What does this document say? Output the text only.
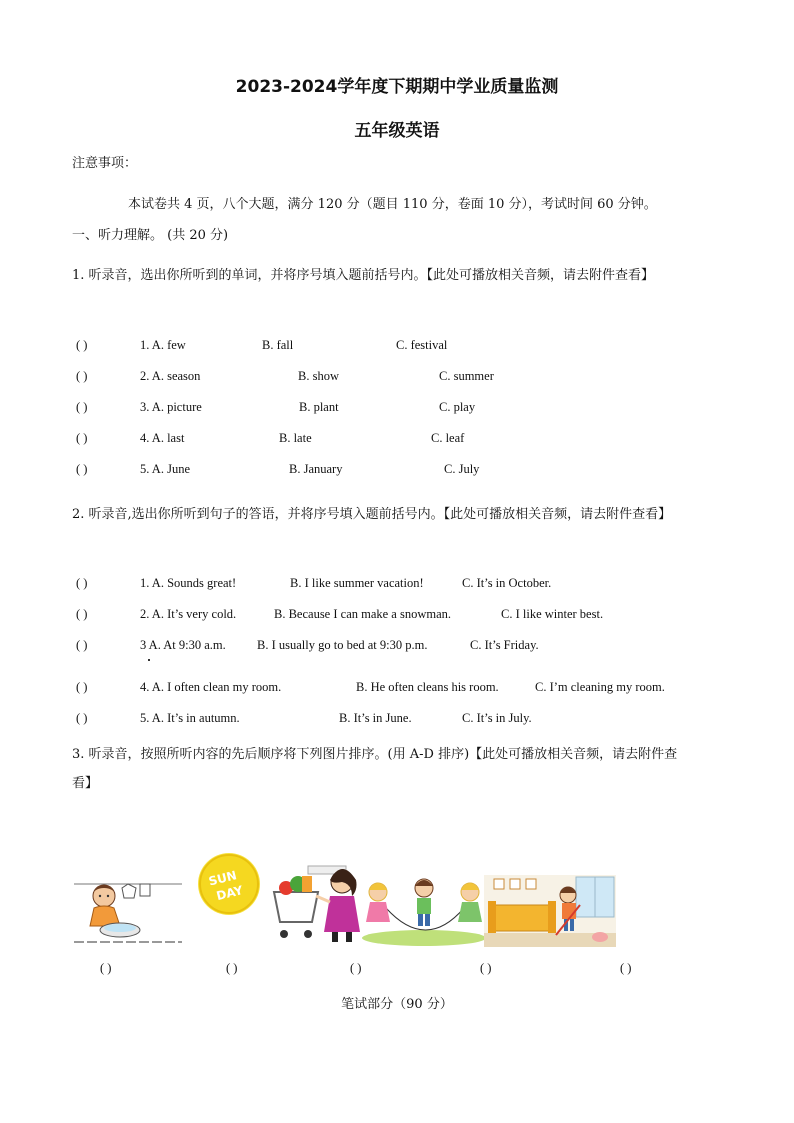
2023-2024学年度下期期中学业质量监测
五年级英语
注意事项：
本试卷共 4 页，八个大题，满分 120 分（题目 110 分，卷面 10 分），考试时间 60 分钟。
一、听力理解。 (共 20 分)
1. 听录音，选出你所听到的单词，并将序号填入题前括号内。【此处可播放相关音频，请去附件查看】
( )	1. A. few	B. fall	C. festival
( )	2. A. season	B. show	C. summer
( )	3. A. picture	B. plant	C. play
( )	4. A. last	B. late	C. leaf
( )	5. A. June	B. January	C. July
2. 听录音,选出你所听到句子的答语，并将序号填入题前括号内。【此处可播放相关音频，请去附件查看】
( )	1. A. Sounds great!	B. I like summer vacation!	C. It’s in October.
( )	2. A. It’s very cold.	B. Because I can make a snowman.	C. I like winter best.
( )	3 A. At 9:30 a.m. B. I usually go to bed at 9:30 p.m.	C. It’s Friday.
( )	4. A. I often clean my room.	B. He often cleans his room.	C. I’m cleaning my room.
( )	5. A. It’s in autumn.	B. It’s in June.	C. It’s in July.
3. 听录音，按照所听内容的先后顺序将下列图片排序。(用 A-D 排序)【此处可播放相关音频，请去附件查
看】
SUN
DAY
( )	( )	( )	( )	( )
笔试部分（90 分）
